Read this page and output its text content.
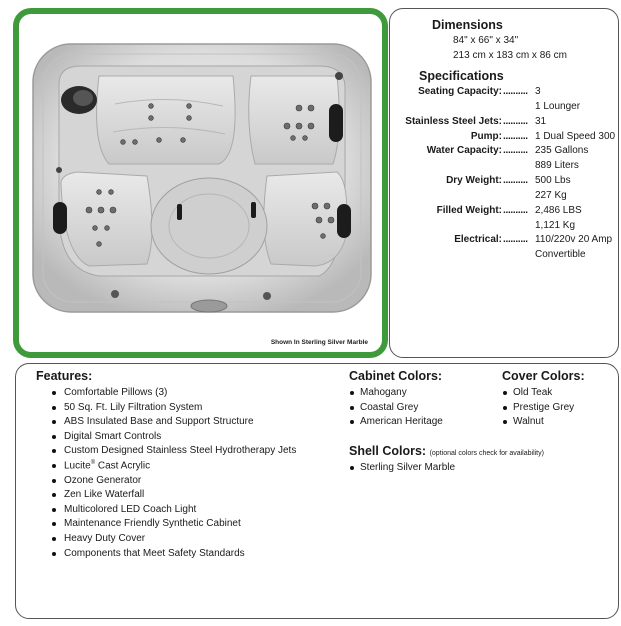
Shown In Sterling Silver Marble
Dimensions
84" x 66" x 34"
213 cm x 183 cm x 86 cm
Specifications
Seating Capacity: .......... 3
1 Lounger
Stainless Steel Jets: .......... 31
Pump: .......... 1 Dual Speed 300
Water Capacity: .......... 235 Gallons
889 Liters
Dry Weight: .......... 500 Lbs
227 Kg
Filled Weight: .......... 2,486 LBS
1,121 Kg
Electrical: .......... 110/220v 20 Amp
Convertible
Features:
Comfortable Pillows (3)
50 Sq. Ft. Lily Filtration System
ABS Insulated Base and Support Structure
Digital Smart Controls
Custom Designed Stainless Steel Hydrotherapy Jets
Lucite® Cast Acrylic
Ozone Generator
Zen Like Waterfall
Multicolored LED Coach Light
Maintenance Friendly Synthetic Cabinet
Heavy Duty Cover
Components that Meet Safety Standards
Cabinet Colors:
Mahogany
Coastal Grey
American Heritage
Cover Colors:
Old Teak
Prestige Grey
Walnut
Shell Colors: (optional colors check for availability)
Sterling Silver Marble
